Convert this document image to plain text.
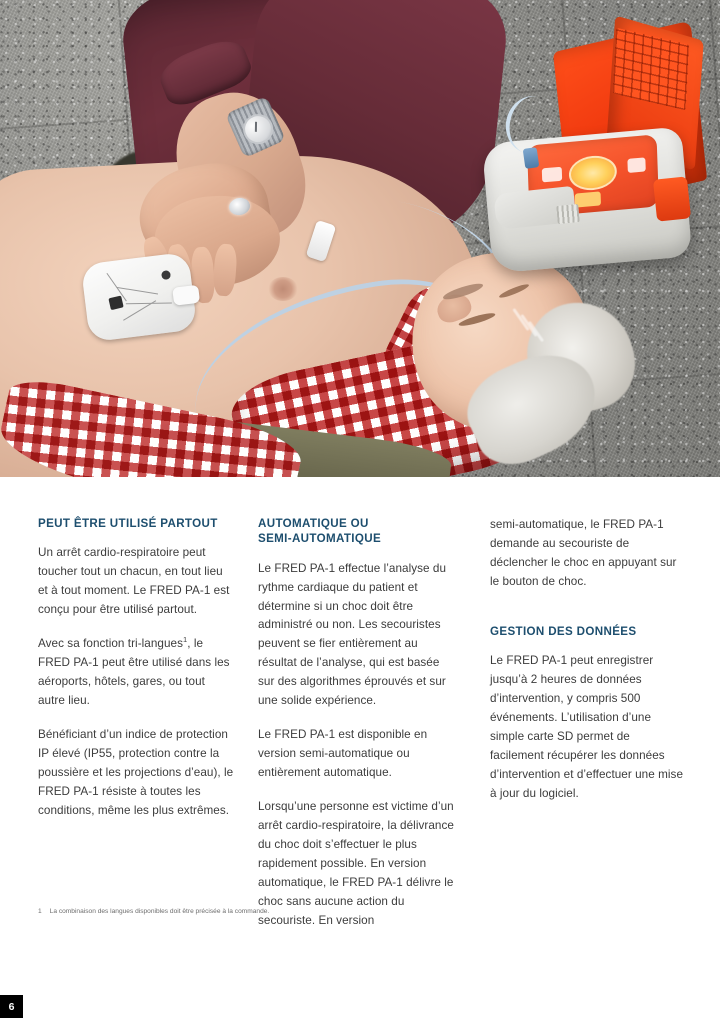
PEUT ÊTRE UTILISÉ PARTOUT

Un arrêt cardio-respiratoire peut toucher tout un chacun, en tout lieu et à tout moment. Le FRED PA-1 est conçu pour être utilisé partout.

Avec sa fonction tri-langues$^1$, le FRED PA-1 peut être utilisé dans les aéroports, hôtels, gares, ou tout autre lieu.

Bénéficiant d’un indice de protection IP élevé (IP55, protection contre la poussière et les projections d’eau), le FRED PA-1 résiste à toutes les conditions, même les plus extrêmes.

AUTOMATIQUE OU
SEMI-AUTOMATIQUE

Le FRED PA-1 effectue l’analyse du rythme cardiaque du patient et détermine si un choc doit être administré ou non. Les secouristes peuvent se fier entièrement au résultat de l’analyse, qui est basée sur des algorithmes éprouvés et sur une solide expérience.

Le FRED PA-1 est disponible en version semi-automatique ou entièrement automatique.

Lorsqu’une personne est victime d’un arrêt cardio-respiratoire, la délivrance du choc doit s’effectuer le plus rapidement possible. En version automatique, le FRED PA-1 délivre le choc sans aucune action du secouriste. En version

semi-automatique, le FRED PA-1 demande au secouriste de déclencher le choc en appuyant sur le bouton de choc.

GESTION DES DONNÉES

Le FRED PA-1 peut enregistrer jusqu’à 2 heures de données d’intervention, y compris 500 événements. L’utilisation d’une simple carte SD permet de facilement récupérer les données d’intervention et d’effectuer une mise à jour du logiciel.

1 La combinaison des langues disponibles doit être précisée à la commande.
6
